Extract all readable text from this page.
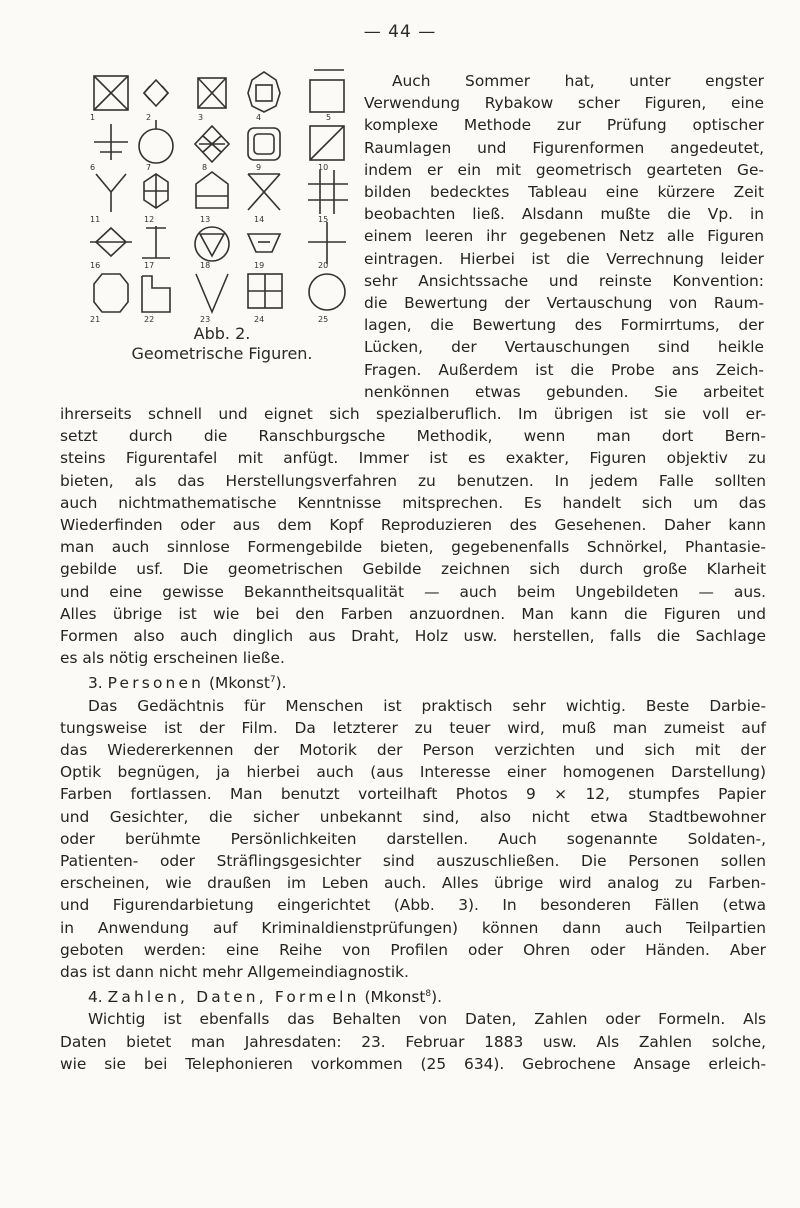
— 44 —
1	2	3	4	5
6	7	8	9	10
11	12	13	14	15
16	17	18	19	20
21	22	23	24	25
Abb. 2.
Geometrische Figuren.
Auch Sommer hat, unter engster
Verwendung Rybakow scher Figuren, eine
komplexe Methode zur Prüfung optischer
Raumlagen und Figurenformen angedeutet,
indem er ein mit geometrisch gearteten Ge-
bilden bedecktes Tableau eine kürzere Zeit
beobachten ließ. Alsdann mußte die Vp. in
einem leeren ihr gegebenen Netz alle Figuren
eintragen. Hierbei ist die Verrechnung leider
sehr Ansichtssache und reinste Konvention:
die Bewertung der Vertauschung von Raum-
lagen, die Bewertung des Formirrtums, der
Lücken, der Vertauschungen sind heikle
Fragen. Außerdem ist die Probe ans Zeich-
nenkönnen etwas gebunden. Sie arbeitet
ihrerseits schnell und eignet sich spezialberuflich. Im übrigen ist sie voll er-
setzt durch die Ranschburgsche Methodik, wenn man dort Bern-
steins Figurentafel mit anfügt. Immer ist es exakter, Figuren objektiv zu
bieten, als das Herstellungsverfahren zu benutzen. In jedem Falle sollten
auch nichtmathematische Kenntnisse mitsprechen. Es handelt sich um das
Wiederfinden oder aus dem Kopf Reproduzieren des Gesehenen. Daher kann
man auch sinnlose Formengebilde bieten, gegebenenfalls Schnörkel, Phantasie-
gebilde usf. Die geometrischen Gebilde zeichnen sich durch große Klarheit
und eine gewisse Bekanntheitsqualität — auch beim Ungebildeten — aus.
Alles übrige ist wie bei den Farben anzuordnen. Man kann die Figuren und
Formen also auch dinglich aus Draht, Holz usw. herstellen, falls die Sachlage
es als nötig erscheinen ließe.
3. Personen (Mkonst$^7$).
Das Gedächtnis für Menschen ist praktisch sehr wichtig. Beste Darbie-
tungsweise ist der Film. Da letzterer zu teuer wird, muß man zumeist auf
das Wiedererkennen der Motorik der Person verzichten und sich mit der
Optik begnügen, ja hierbei auch (aus Interesse einer homogenen Darstellung)
Farben fortlassen. Man benutzt vorteilhaft Photos 9 × 12, stumpfes Papier
und Gesichter, die sicher unbekannt sind, also nicht etwa Stadtbewohner
oder berühmte Persönlichkeiten darstellen. Auch sogenannte Soldaten-,
Patienten- oder Sträflingsgesichter sind auszuschließen. Die Personen sollen
erscheinen, wie draußen im Leben auch. Alles übrige wird analog zu Farben-
und Figurendarbietung eingerichtet (Abb. 3). In besonderen Fällen (etwa
in Anwendung auf Kriminaldienstprüfungen) können dann auch Teilpartien
geboten werden: eine Reihe von Profilen oder Ohren oder Händen. Aber
das ist dann nicht mehr Allgemeindiagnostik.
4. Zahlen, Daten, Formeln (Mkonst$^8$).
Wichtig ist ebenfalls das Behalten von Daten, Zahlen oder Formeln. Als
Daten bietet man Jahresdaten: 23. Februar 1883 usw. Als Zahlen solche,
wie sie bei Telephonieren vorkommen (25 634). Gebrochene Ansage erleich-
